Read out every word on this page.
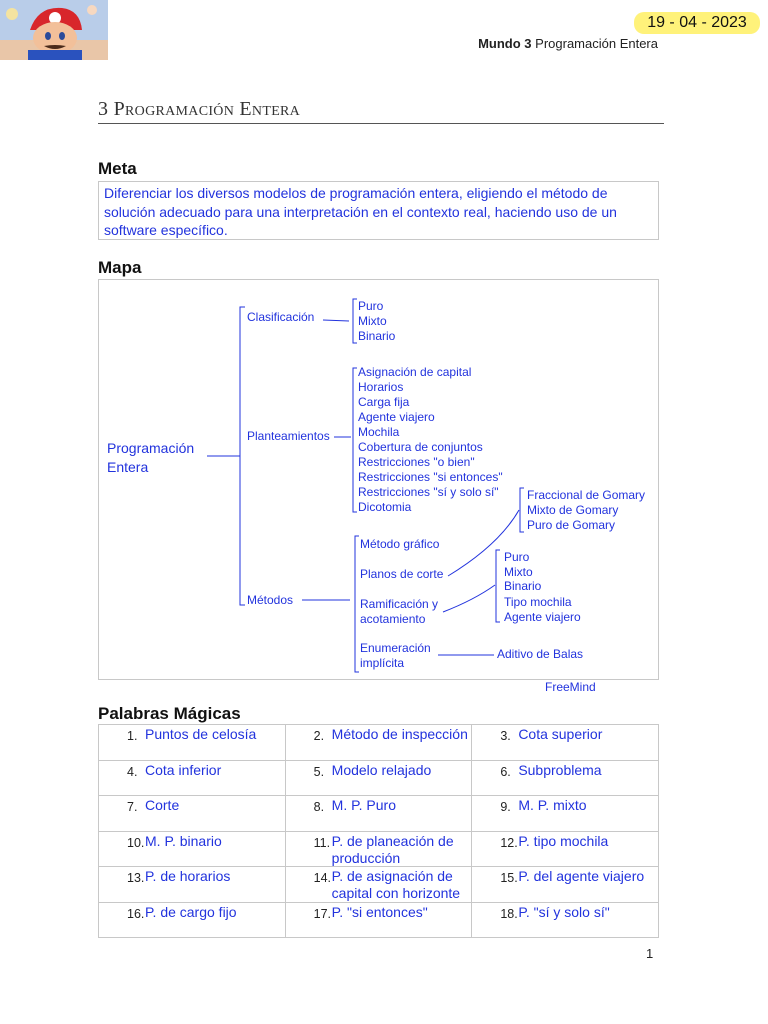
19 - 04 - 2023
Mundo 3 Programación Entera
3 Programación Entera
Meta
Diferenciar los diversos modelos de programación entera, eligiendo el método de solución adecuado para una interpretación en el contexto real, haciendo uso de un software específico.
Mapa
Programación
Entera
Clasificación
Puro
Mixto
Binario
Planteamientos
Asignación de capital
Horarios
Carga fija
Agente viajero
Mochila
Cobertura de conjuntos
Restricciones "o bien"
Restricciones "si entonces"
Restricciones "sí y solo sí"
Dicotomia
Métodos
Método gráfico
Planos de corte
Fraccional de Gomary
Mixto de Gomary
Puro de Gomary
Ramificación y
acotamiento
Puro
Mixto
Binario
Tipo mochila
Agente viajero
Enumeración
implícita
Aditivo de Balas
FreeMind
Palabras Mágicas
1. Puntos de celosía	2. Método de inspección	3. Cota superior

4. Cota inferior	5. Modelo relajado	6. Subproblema

7. Corte	8. M. P. Puro	9. M. P. mixto

10. M. P. binario	11. P. de planeación de producción	12. P. tipo mochila

13. P. de horarios	14. P. de asignación de capital con horizonte	15. P. del agente viajero

16. P. de cargo fijo	17. P. "si entonces"	18. P. "sí y solo sí"
1
